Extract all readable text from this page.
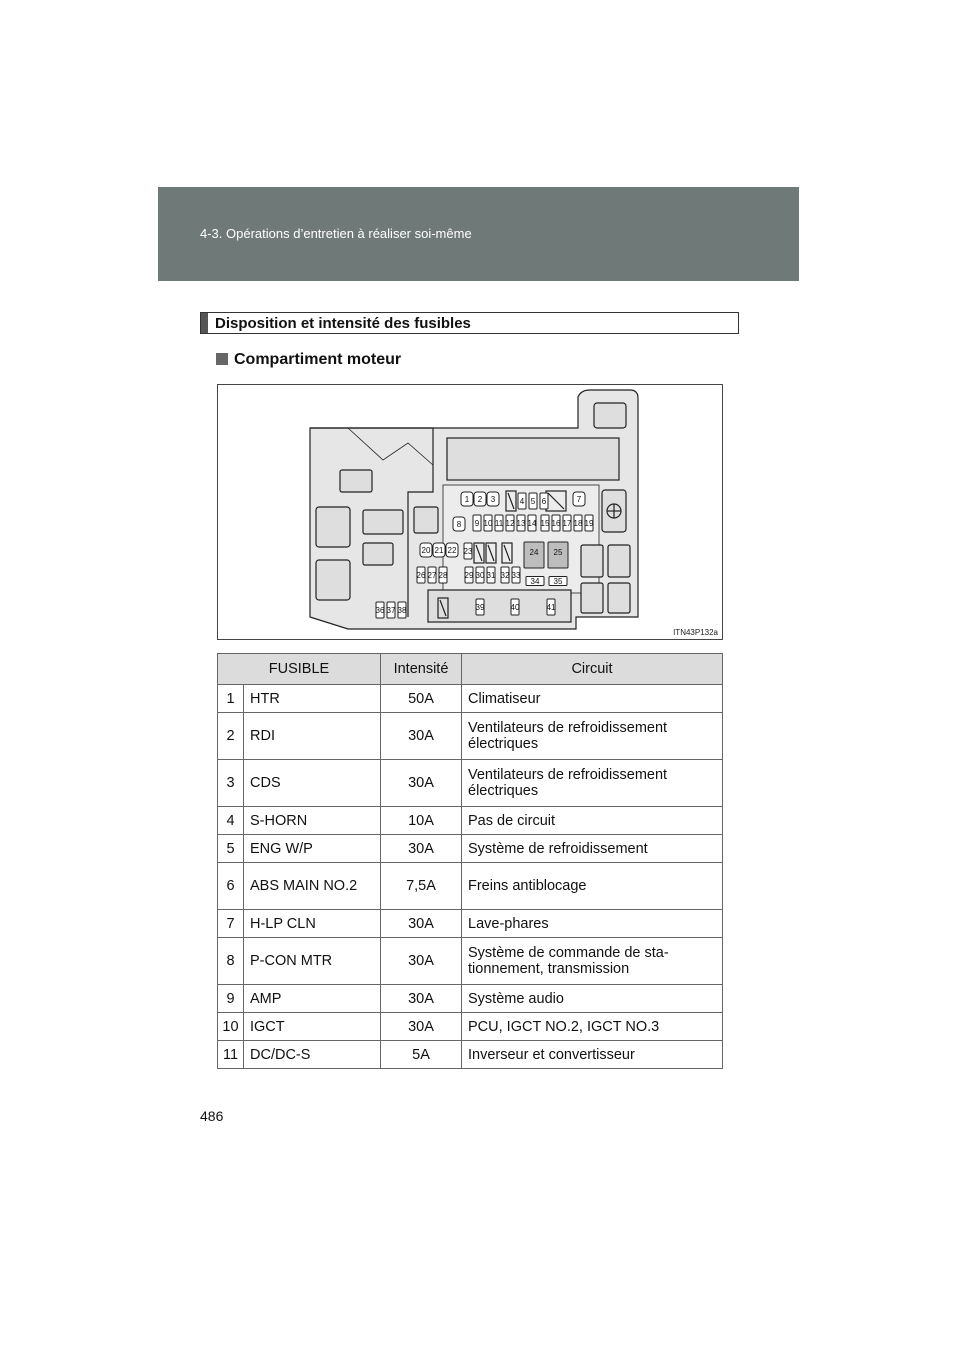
4-3. Opérations d’entretien à réaliser soi-même
Disposition et intensité des fusibles
Compartiment moteur
1 2 3	4 5 6	7
8 9 10 11 12 13 14 15 16 17 18 19
20 21 22 23	24 25
26 27 28 29 30 31 32 33
34 35
36 37 38	39	40	41
ITN43P132a
FUSIBLE		Intensité	Circuit
1	HTR	50A	Climatiseur
2	RDI	30A	Ventilateurs de refroidissement électriques
3	CDS	30A	Ventilateurs de refroidissement électriques
4	S-HORN	10A	Pas de circuit
5	ENG W/P	30A	Système de refroidissement
6	ABS MAIN NO.2	7,5A	Freins antiblocage
7	H-LP CLN	30A	Lave-phares
8	P-CON MTR	30A	Système de commande de sta-tionnement, transmission
9	AMP	30A	Système audio
10	IGCT	30A	PCU, IGCT NO.2, IGCT NO.3
11	DC/DC-S	5A	Inverseur et convertisseur
486
